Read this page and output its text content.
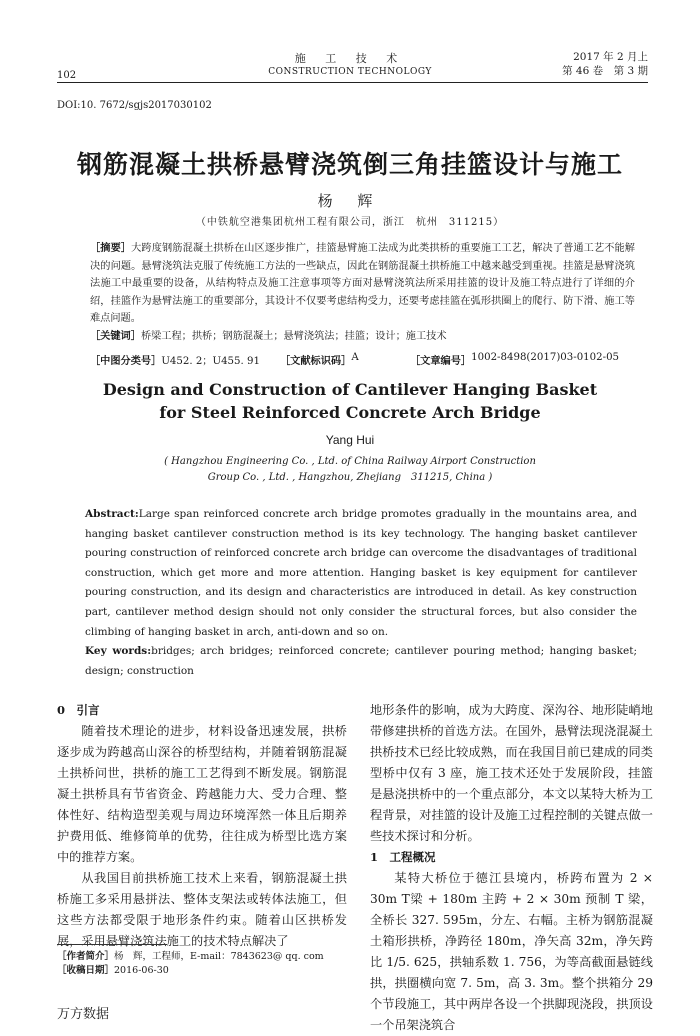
施 工 技 术
CONSTRUCTION TECHNOLOGY
2017 年 2 月上
第 46 卷　第 3 期
102
DOI:10. 7672/sgjs2017030102
钢筋混凝土拱桥悬臂浇筑倒三角挂篮设计与施工
杨 辉
（中铁航空港集团杭州工程有限公司，浙江　杭州　311215）
［摘要］大跨度钢筋混凝土拱桥在山区逐步推广，挂篮悬臂施工法成为此类拱桥的重要施工工艺，解决了普通工艺不能解决的问题。悬臂浇筑法克服了传统施工方法的一些缺点，因此在钢筋混凝土拱桥施工中越来越受到重视。挂篮是悬臂浇筑法施工中最重要的设备，从结构特点及施工注意事项等方面对悬臂浇筑法所采用挂篮的设计及施工特点进行了详细的介绍，挂篮作为悬臂法施工的重要部分，其设计不仅要考虑结构受力，还要考虑挂篮在弧形拱圈上的爬行、防下滑、施工等难点问题。
［关键词］桥梁工程；拱桥；钢筋混凝土；悬臂浇筑法；挂篮；设计；施工技术
［中图分类号］ U452. 2；U455. 91 ［文献标识码］ A	［文章编号］ 1002-8498(2017)03-0102-05
Design and Construction of Cantilever Hanging Basket
for Steel Reinforced Concrete Arch Bridge
Yang Hui
( Hangzhou Engineering Co. , Ltd. of China Railway Airport Construction
Group Co. , Ltd. , Hangzhou, Zhejiang　311215, China )
Abstract:Large span reinforced concrete arch bridge promotes gradually in the mountains area, and hanging basket cantilever construction method is its key technology. The hanging basket cantilever pouring construction of reinforced concrete arch bridge can overcome the disadvantages of traditional construction, which get more and more attention. Hanging basket is key equipment for cantilever pouring construction, and its design and characteristics are introduced in detail. As key construction part, cantilever method design should not only consider the structural forces, but also consider the climbing of hanging basket in arch, anti-down and so on.
Key words:bridges; arch bridges; reinforced concrete; cantilever pouring method; hanging basket; design; construction
0　引言

随着技术理论的进步，材料设备迅速发展，拱桥逐步成为跨越高山深谷的桥型结构，并随着钢筋混凝土拱桥问世，拱桥的施工工艺得到不断发展。钢筋混凝土拱桥具有节省资金、跨越能力大、受力合理、整体性好、结构造型美观与周边环境浑然一体且后期养护费用低、维修简单的优势，往往成为桥型比选方案中的推荐方案。

从我国目前拱桥施工技术上来看，钢筋混凝土拱桥施工多采用悬拼法、整体支架法或转体法施工，但这些方法都受限于地形条件约束。随着山区拱桥发展，采用悬臂浇筑法施工的技术特点解决了

地形条件的影响，成为大跨度、深沟谷、地形陡峭地带修建拱桥的首选方法。在国外，悬臂法现浇混凝土拱桥技术已经比较成熟，而在我国目前已建成的同类型桥中仅有 3 座，施工技术还处于发展阶段，挂篮是悬浇拱桥中的一个重点部分，本文以某特大桥为工程背景，对挂篮的设计及施工过程控制的关键点做一些技术探讨和分析。

1　工程概况

某特大桥位于德江县境内，桥跨布置为 2 × 30m T梁 + 180m 主跨 + 2 × 30m 预制 T 梁，全桥长 327. 595m，分左、右幅。主桥为钢筋混凝土箱形拱桥，净跨径 180m，净矢高 32m，净矢跨比 1/5. 625，拱轴系数 1. 756，为等高截面悬链线拱，拱圈横向宽 7. 5m，高 3. 3m。整个拱箱分 29 个节段施工，其中两岸各设一个拱脚现浇段，拱顶设一个吊架浇筑合

［作者简介］杨　辉，工程师，E-mail：7843623@ qq. com
［收稿日期］2016-06-30
万方数据
